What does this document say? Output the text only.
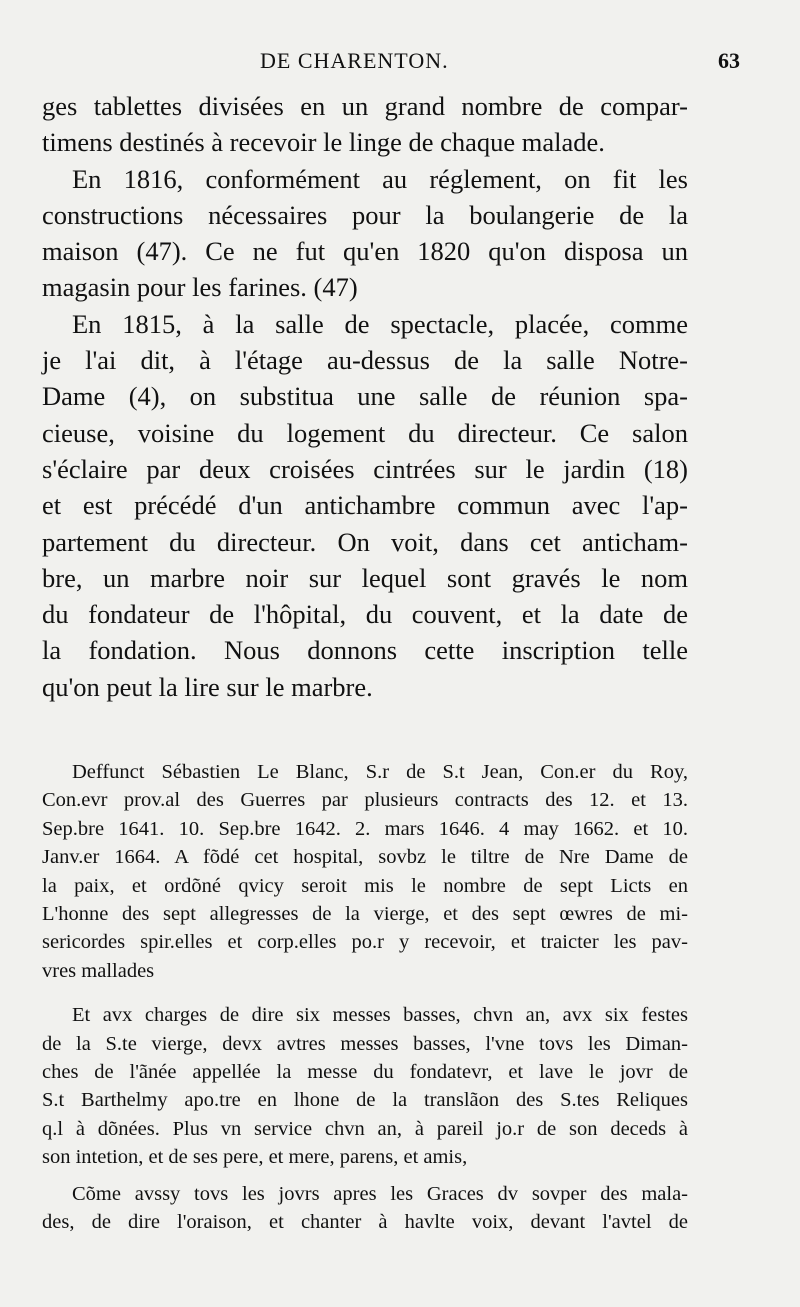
DE CHARENTON.	63
ges tablettes divisées en un grand nombre de compar-
timens destinés à recevoir le linge de chaque malade.
En 1816, conformément au réglement, on fit les
constructions nécessaires pour la boulangerie de la
maison (47). Ce ne fut qu'en 1820 qu'on disposa un
magasin pour les farines. (47)
En 1815, à la salle de spectacle, placée, comme
je l'ai dit, à l'étage au-dessus de la salle Notre-
Dame (4), on substitua une salle de réunion spa-
cieuse, voisine du logement du directeur. Ce salon
s'éclaire par deux croisées cintrées sur le jardin (18)
et est précédé d'un antichambre commun avec l'ap-
partement du directeur. On voit, dans cet anticham-
bre, un marbre noir sur lequel sont gravés le nom
du fondateur de l'hôpital, du couvent, et la date de
la fondation. Nous donnons cette inscription telle
qu'on peut la lire sur le marbre.

Deffunct Sébastien Le Blanc, S.r de S.t Jean, Con.er du Roy,
Con.evr prov.al des Guerres par plusieurs contracts des 12. et 13.
Sep.bre 1641. 10. Sep.bre 1642. 2. mars 1646. 4 may 1662. et 10.
Janv.er 1664. A fõdé cet hospital, sovbz le tiltre de Nre Dame de
la paix, et ordõné qvicy seroit mis le nombre de sept Licts en
L'honne des sept allegresses de la vierge, et des sept œwres de mi-
sericordes spir.elles et corp.elles po.r y recevoir, et traicter les pav-
vres mallades

Et avx charges de dire six messes basses, chvn an, avx six festes
de la S.te vierge, devx avtres messes basses, l'vne tovs les Diman-
ches de l'ãnée appellée la messe du fondatevr, et lave le jovr de
S.t Barthelmy apo.tre en lhone de la translãon des S.tes Reliques
q.l à dõnées. Plus vn service chvn an, à pareil jo.r de son deceds à
son intetion, et de ses pere, et mere, parens, et amis,

Cõme avssy tovs les jovrs apres les Graces dv sovper des mala-
des, de dire l'oraison, et chanter à havlte voix, devant l'avtel de
